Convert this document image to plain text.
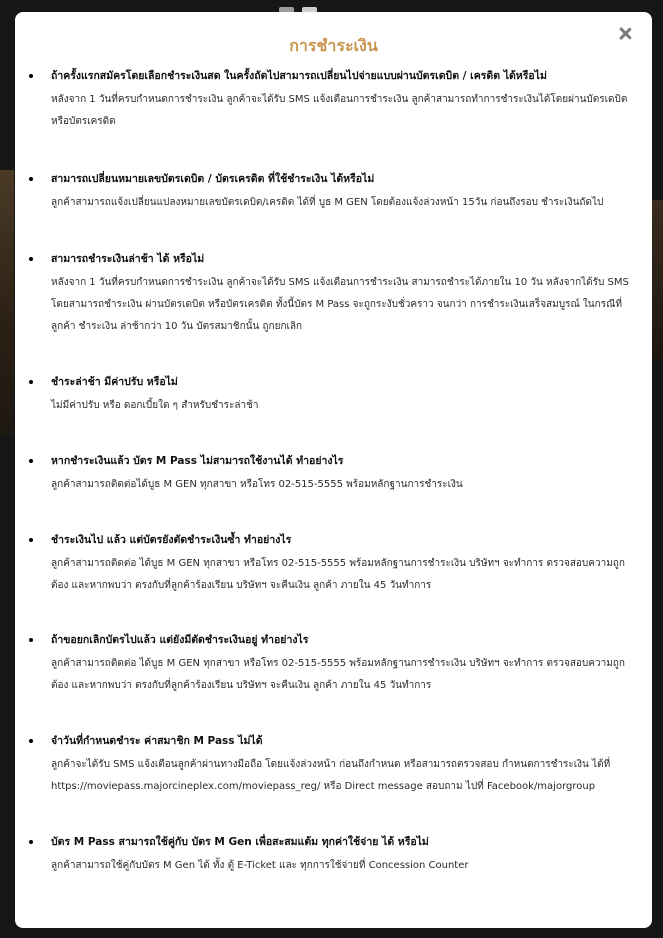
การชำระเงิน
ถ้าครั้งแรกสมัครโดยเลือกชำระเงินสด ในครั้งถัดไปสามารถเปลี่ยนไปจ่ายแบบผ่านบัตรเดบิต / เครดิต ได้หรือไม่
หลังจาก 1 วันที่ครบกำหนดการชำระเงิน ลูกค้าจะได้รับ SMS แจ้งเตือนการชำระเงิน ลูกค้าสามารถทำการชำระเงินได้โดยผ่านบัตรเดบิต หรือบัตรเครดิต
สามารถเปลี่ยนหมายเลขบัตรเดบิต / บัตรเครดิต ที่ใช้ชำระเงิน ได้หรือไม่
ลูกค้าสามารถแจ้งเปลี่ยนแปลงหมายเลขบัตรเดบิต/เครดิต ได้ที่ บูธ M GEN โดยต้องแจ้งล่วงหน้า 15วัน ก่อนถึงรอบ ชำระเงินถัดไป
สามารถชำระเงินล่าช้า ได้ หรือไม่
หลังจาก 1 วันที่ครบกำหนดการชำระเงิน ลูกค้าจะได้รับ SMS แจ้งเตือนการชำระเงิน สามารถชำระได้ภายใน 10 วัน หลังจากได้รับ SMS โดยสามารถชำระเงิน ผ่านบัตรเดบิต หรือบัตรเครดิต ทั้งนี้บัตร M Pass จะถูกระงับชั่วคราว จนกว่า การชำระเงินเสร็จสมบูรณ์ ในกรณีที่ลูกค้า ชำระเงิน ล่าช้ากว่า 10 วัน บัตรสมาชิกนั้น ถูกยกเลิก
ชำระล่าช้า มีค่าปรับ หรือไม่
ไม่มีค่าปรับ หรือ ดอกเบี้ยใด ๆ สำหรับชำระล่าช้า
หากชำระเงินแล้ว บัตร M Pass ไม่สามารถใช้งานได้ ทำอย่างไร
ลูกค้าสามารถติดต่อได้บูธ M GEN ทุกสาขา หรือโทร 02-515-5555 พร้อมหลักฐานการชำระเงิน
ชำระเงินไป แล้ว แต่บัตรยังตัดชำระเงินซ้ำ ทำอย่างไร
ลูกค้าสามารถติดต่อ ได้บูธ M GEN ทุกสาขา หรือโทร 02-515-5555 พร้อมหลักฐานการชำระเงิน บริษัทฯ จะทำการ ตรวจสอบความถูกต้อง และหากพบว่า ตรงกับที่ลูกค้าร้องเรียน บริษัทฯ จะคืนเงิน ลูกค้า ภายใน 45 วันทำการ
ถ้าขอยกเลิกบัตรไปแล้ว แต่ยังมีตัดชำระเงินอยู่ ทำอย่างไร
ลูกค้าสามารถติดต่อ ได้บูธ M GEN ทุกสาขา หรือโทร 02-515-5555 พร้อมหลักฐานการชำระเงิน บริษัทฯ จะทำการ ตรวจสอบความถูกต้อง และหากพบว่า ตรงกับที่ลูกค้าร้องเรียน บริษัทฯ จะคืนเงิน ลูกค้า ภายใน 45 วันทำการ
จำวันที่กำหนดชำระ ค่าสมาชิก M Pass ไม่ได้
ลูกค้าจะได้รับ SMS แจ้งเตือนลูกค้าผ่านทางมือถือ โดยแจ้งล่วงหน้า ก่อนถึงกำหนด หรือสามารถตรวจสอบ กำหนดการชำระเงิน ได้ที่ https://moviepass.majorcineplex.com/moviepass_reg/ หรือ Direct message สอบถาม ไปที่ Facebook/majorgroup
บัตร M Pass สามารถใช้คู่กับ บัตร M Gen เพื่อสะสมแต้ม ทุกค่าใช้จ่าย ได้ หรือไม่
ลูกค้าสามารถใช้คู่กับบัตร M Gen ได้ ทั้ง ตู้ E-Ticket และ ทุกการใช้จ่ายที่ Concession Counter
